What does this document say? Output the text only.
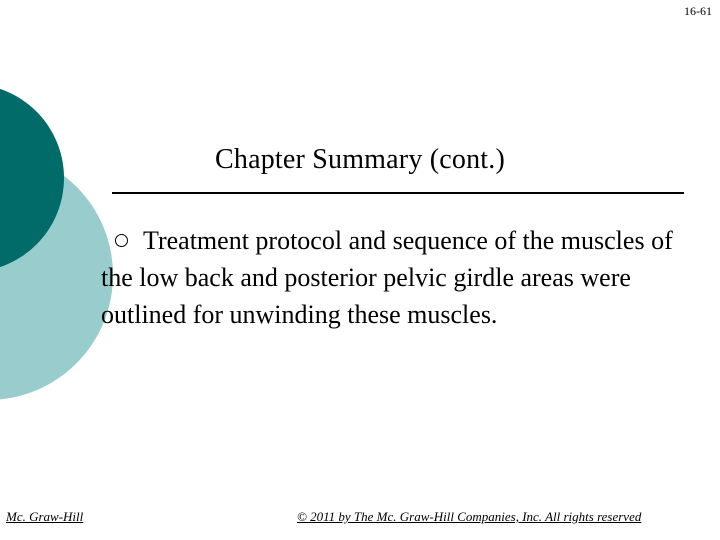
16-61
Chapter Summary (cont.)
Treatment protocol and sequence of the muscles of the low back and posterior pelvic girdle areas were outlined for unwinding these muscles.
Mc. Graw-Hill	© 2011 by The Mc. Graw-Hill Companies, Inc. All rights reserved
